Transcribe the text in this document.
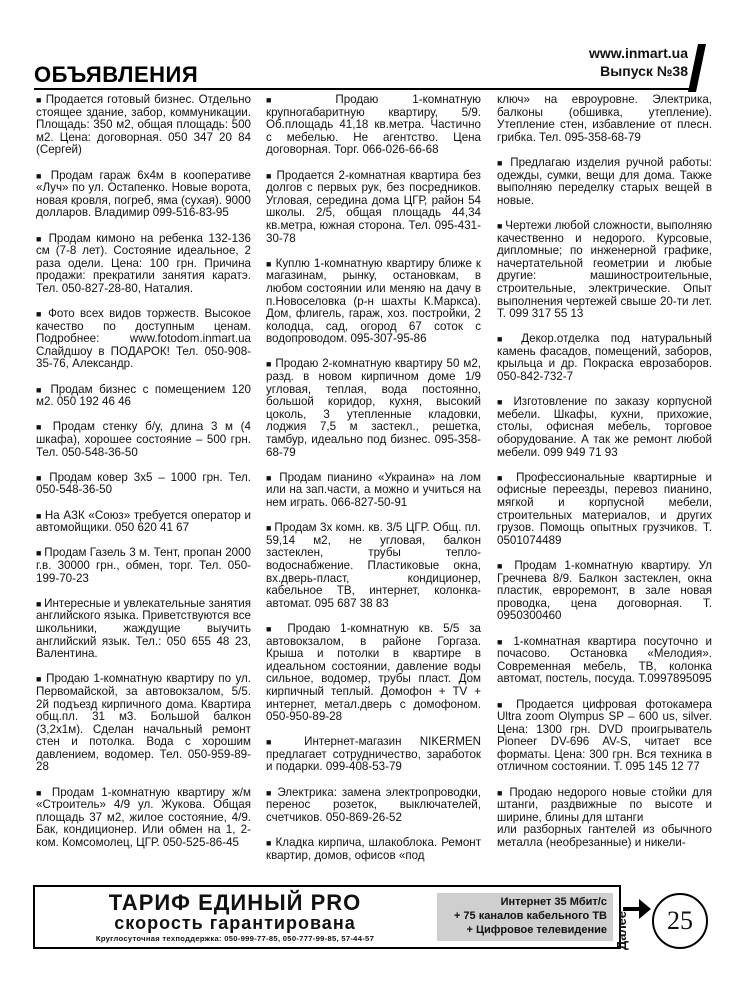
ОБЪЯВЛЕНИЯ
www.inmart.ua
Выпуск №38

■ Продается готовый бизнес. Отдельно стоящее здание, забор, коммуникации. Площадь: 350 м2, общая площадь: 500 м2. Цена: договорная. 050 347 20 84 (Сергей)

■ Продам гараж 6х4м в кооперативе «Луч» по ул. Остапенко. Новые ворота, новая кровля, погреб, яма (сухая). 9000 долларов. Владимир 099-516-83-95

■ Продам кимоно на ребенка 132-136 см (7-8 лет). Состояние идеальное, 2 раза одели. Цена: 100 грн. Причина продажи: прекратили занятия каратэ. Тел. 050-827-28-80, Наталия.

■ Фото всех видов торжеств. Высокое качество по доступным ценам. Подробнее: www.fotodom.inmart.ua Слайдшоу в ПОДАРОК! Тел. 050-908-35-76, Александр.

■ Продам бизнес с помещением 120 м2. 050 192 46 46

■ Продам стенку б/у, длина 3 м (4 шкафа), хорошее состояние – 500 грн. Тел. 050-548-36-50

■ Продам ковер 3х5 – 1000 грн. Тел. 050-548-36-50

■ На АЗК «Союз» требуется оператор и автомойщики. 050 620 41 67

■ Продам Газель 3 м. Тент, пропан 2000 г.в. 30000 грн., обмен, торг. Тел. 050-199-70-23

■ Интересные и увлекательные занятия английского языка. Приветствуются все школьники, жаждущие выучить английский язык. Тел.: 050 655 48 23, Валентина.

■ Продаю 1-комнатную квартиру по ул. Первомайской, за автовокзалом, 5/5. 2й подъезд кирпичного дома. Квартира общ.пл. 31 м3. Большой балкон (3,2х1м). Сделан начальный ремонт стен и потолка. Вода с хорошим давлением, водомер. Тел. 050-959-89-28

■ Продам 1-комнатную квартиру ж/м «Строитель» 4/9 ул. Жукова. Общая площадь 37 м2, жилое состояние, 4/9. Бак, кондиционер. Или обмен на 1, 2-ком. Комсомолец, ЦГР. 050-525-86-45

■ Продаю 1-комнатную крупногабаритную квартиру, 5/9. Об.площадь 41,18 кв.метра. Частично с мебелью. Не агентство. Цена договорная. Торг. 066-026-66-68

■ Продается 2-комнатная квартира без долгов с первых рук, без посредников. Угловая, середина дома ЦГР, район 54 школы. 2/5, общая площадь 44,34 кв.метра, южная сторона. Тел. 095-431-30-78

■ Куплю 1-комнатную квартиру ближе к магазинам, рынку, остановкам, в любом состоянии или меняю на дачу в п.Новоселовка (р-н шахты К.Маркса). Дом, флигель, гараж, хоз. постройки, 2 колодца, сад, огород 67 соток с водопроводом. 095-307-95-86

■ Продаю 2-комнатную квартиру 50 м2, разд. в новом кирпичном доме 1/9 угловая, теплая, вода постоянно, большой коридор, кухня, высокий цоколь, 3 утепленные кладовки, лоджия 7,5 м застекл., решетка, тамбур, идеально под бизнес. 095-358-68-79

■ Продам пианино «Украина» на лом или на зап.части, а можно и учиться на нем играть. 066-827-50-91

■ Продам 3х комн. кв. 3/5 ЦГР. Общ. пл. 59,14 м2, не угловая, балкон застеклен, трубы тепло-водоснабжение. Пластиковые окна, вх.дверь-пласт, кондиционер, кабельное ТВ, интернет, колонка-автомат. 095 687 38 83

■ Продаю 1-комнатную кв. 5/5 за автовокзалом, в районе Горгаза. Крыша и потолки в квартире в идеальном состоянии, давление воды сильное, водомер, трубы пласт. Дом кирпичный теплый. Домофон + TV + интернет, метал.дверь с домофоном. 050-950-89-28

■ Интернет-магазин NIKERMEN предлагает сотрудничество, заработок и подарки. 099-408-53-79

■ Электрика: замена электропроводки, перенос розеток, выключателей, счетчиков. 050-869-26-52

■ Кладка кирпича, шлакоблока. Ремонт квартир, домов, офисов «под

ключ» на евроуровне. Электрика, балконы (обшивка, утепление). Утепление стен, избавление от плесн. грибка. Тел. 095-358-68-79

■ Предлагаю изделия ручной работы: одежды, сумки, вещи для дома. Также выполняю переделку старых вещей в новые.

■ Чертежи любой сложности, выполняю качественно и недорого. Курсовые, дипломные; по инженерной графике, начертательной геометрии и любые другие: машиностроительные, строительные, электрические. Опыт выполнения чертежей свыше 20-ти лет. Т. 099 317 55 13

■ Декор.отделка под натуральный камень фасадов, помещений, заборов, крыльца и др. Покраска еврозаборов. 050-842-732-7

■ Изготовление по заказу корпусной мебели. Шкафы, кухни, прихожие, столы, офисная мебель, торговое оборудование. А так же ремонт любой мебели. 099 949 71 93

■ Профессиональные квартирные и офисные переезды, перевоз пианино, мягкой и корпусной мебели, строительных материалов, и других грузов. Помощь опытных грузчиков. Т. 0501074489

■ Продам 1-комнатную квартиру. Ул Гречнева 8/9. Балкон застеклен, окна пластик, евроремонт, в зале новая проводка, цена договорная. Т. 0950300460

■ 1-комнатная квартира посуточно и почасово. Остановка «Мелодия». Современная мебель, ТВ, колонка автомат, постель, посуда. Т.0997895095

■ Продается цифровая фотокамера Ultra zoom Olympus SP – 600 us, silver. Цена: 1300 грн. DVD проигрыватель Pioneer DV-696 AV-S, читает все форматы. Цена: 300 грн. Вся техника в отличном состоянии. Т. 095 145 12 77

■ Продаю недорого новые стойки для штанги, раздвижные по высоте и ширине, блины для штанги

или разборных гантелей из обычного металла (необрезанные) и никели-

ТАРИФ ЕДИНЫЙ PRO
скорость гарантирована
Круглосуточная техподдержка: 050-999-77-85, 050-777-99-85, 57-44-57
Интернет 35 Мбит/с
+ 75 каналов кабельного ТВ
+ Цифровое телевидение Далее	25
